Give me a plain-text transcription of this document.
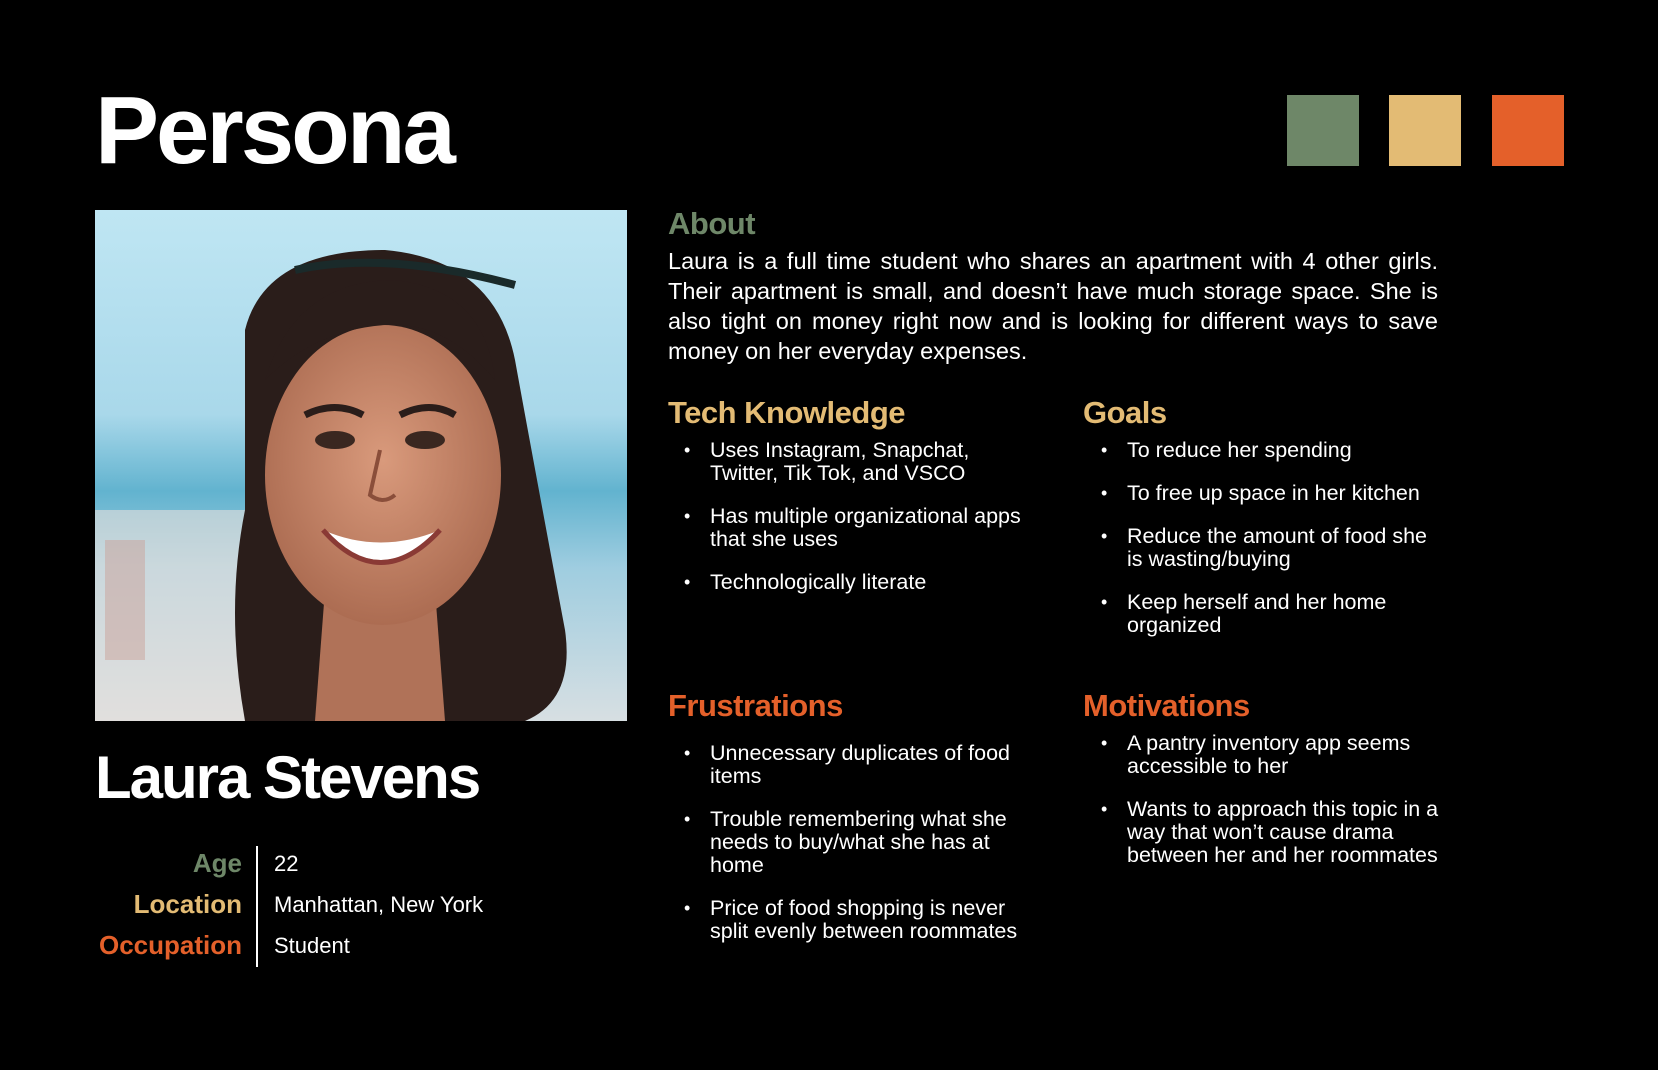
Persona
Laura Stevens
Age
Location
Occupation
22
Manhattan, New York
Student
About
Laura is a full time student who shares an apartment with 4 other girls. Their apartment is small, and doesn’t have much storage space. She is also tight on money right now and is looking for different ways to save money on her everyday expenses.
Tech Knowledge
• Uses Instagram, Snapchat, Twitter, Tik Tok, and VSCO
• Has multiple organizational apps that she uses
• Technologically literate
Goals
• To reduce her spending
• To free up space in her kitchen
• Reduce the amount of food she is wasting/buying
• Keep herself and her home organized
Frustrations
• Unnecessary duplicates of food items
• Trouble remembering what she needs to buy/what she has at home
• Price of food shopping is never split evenly between roommates
Motivations
• A pantry inventory app seems accessible to her
• Wants to approach this topic in a way that won’t cause drama between her and her roommates
